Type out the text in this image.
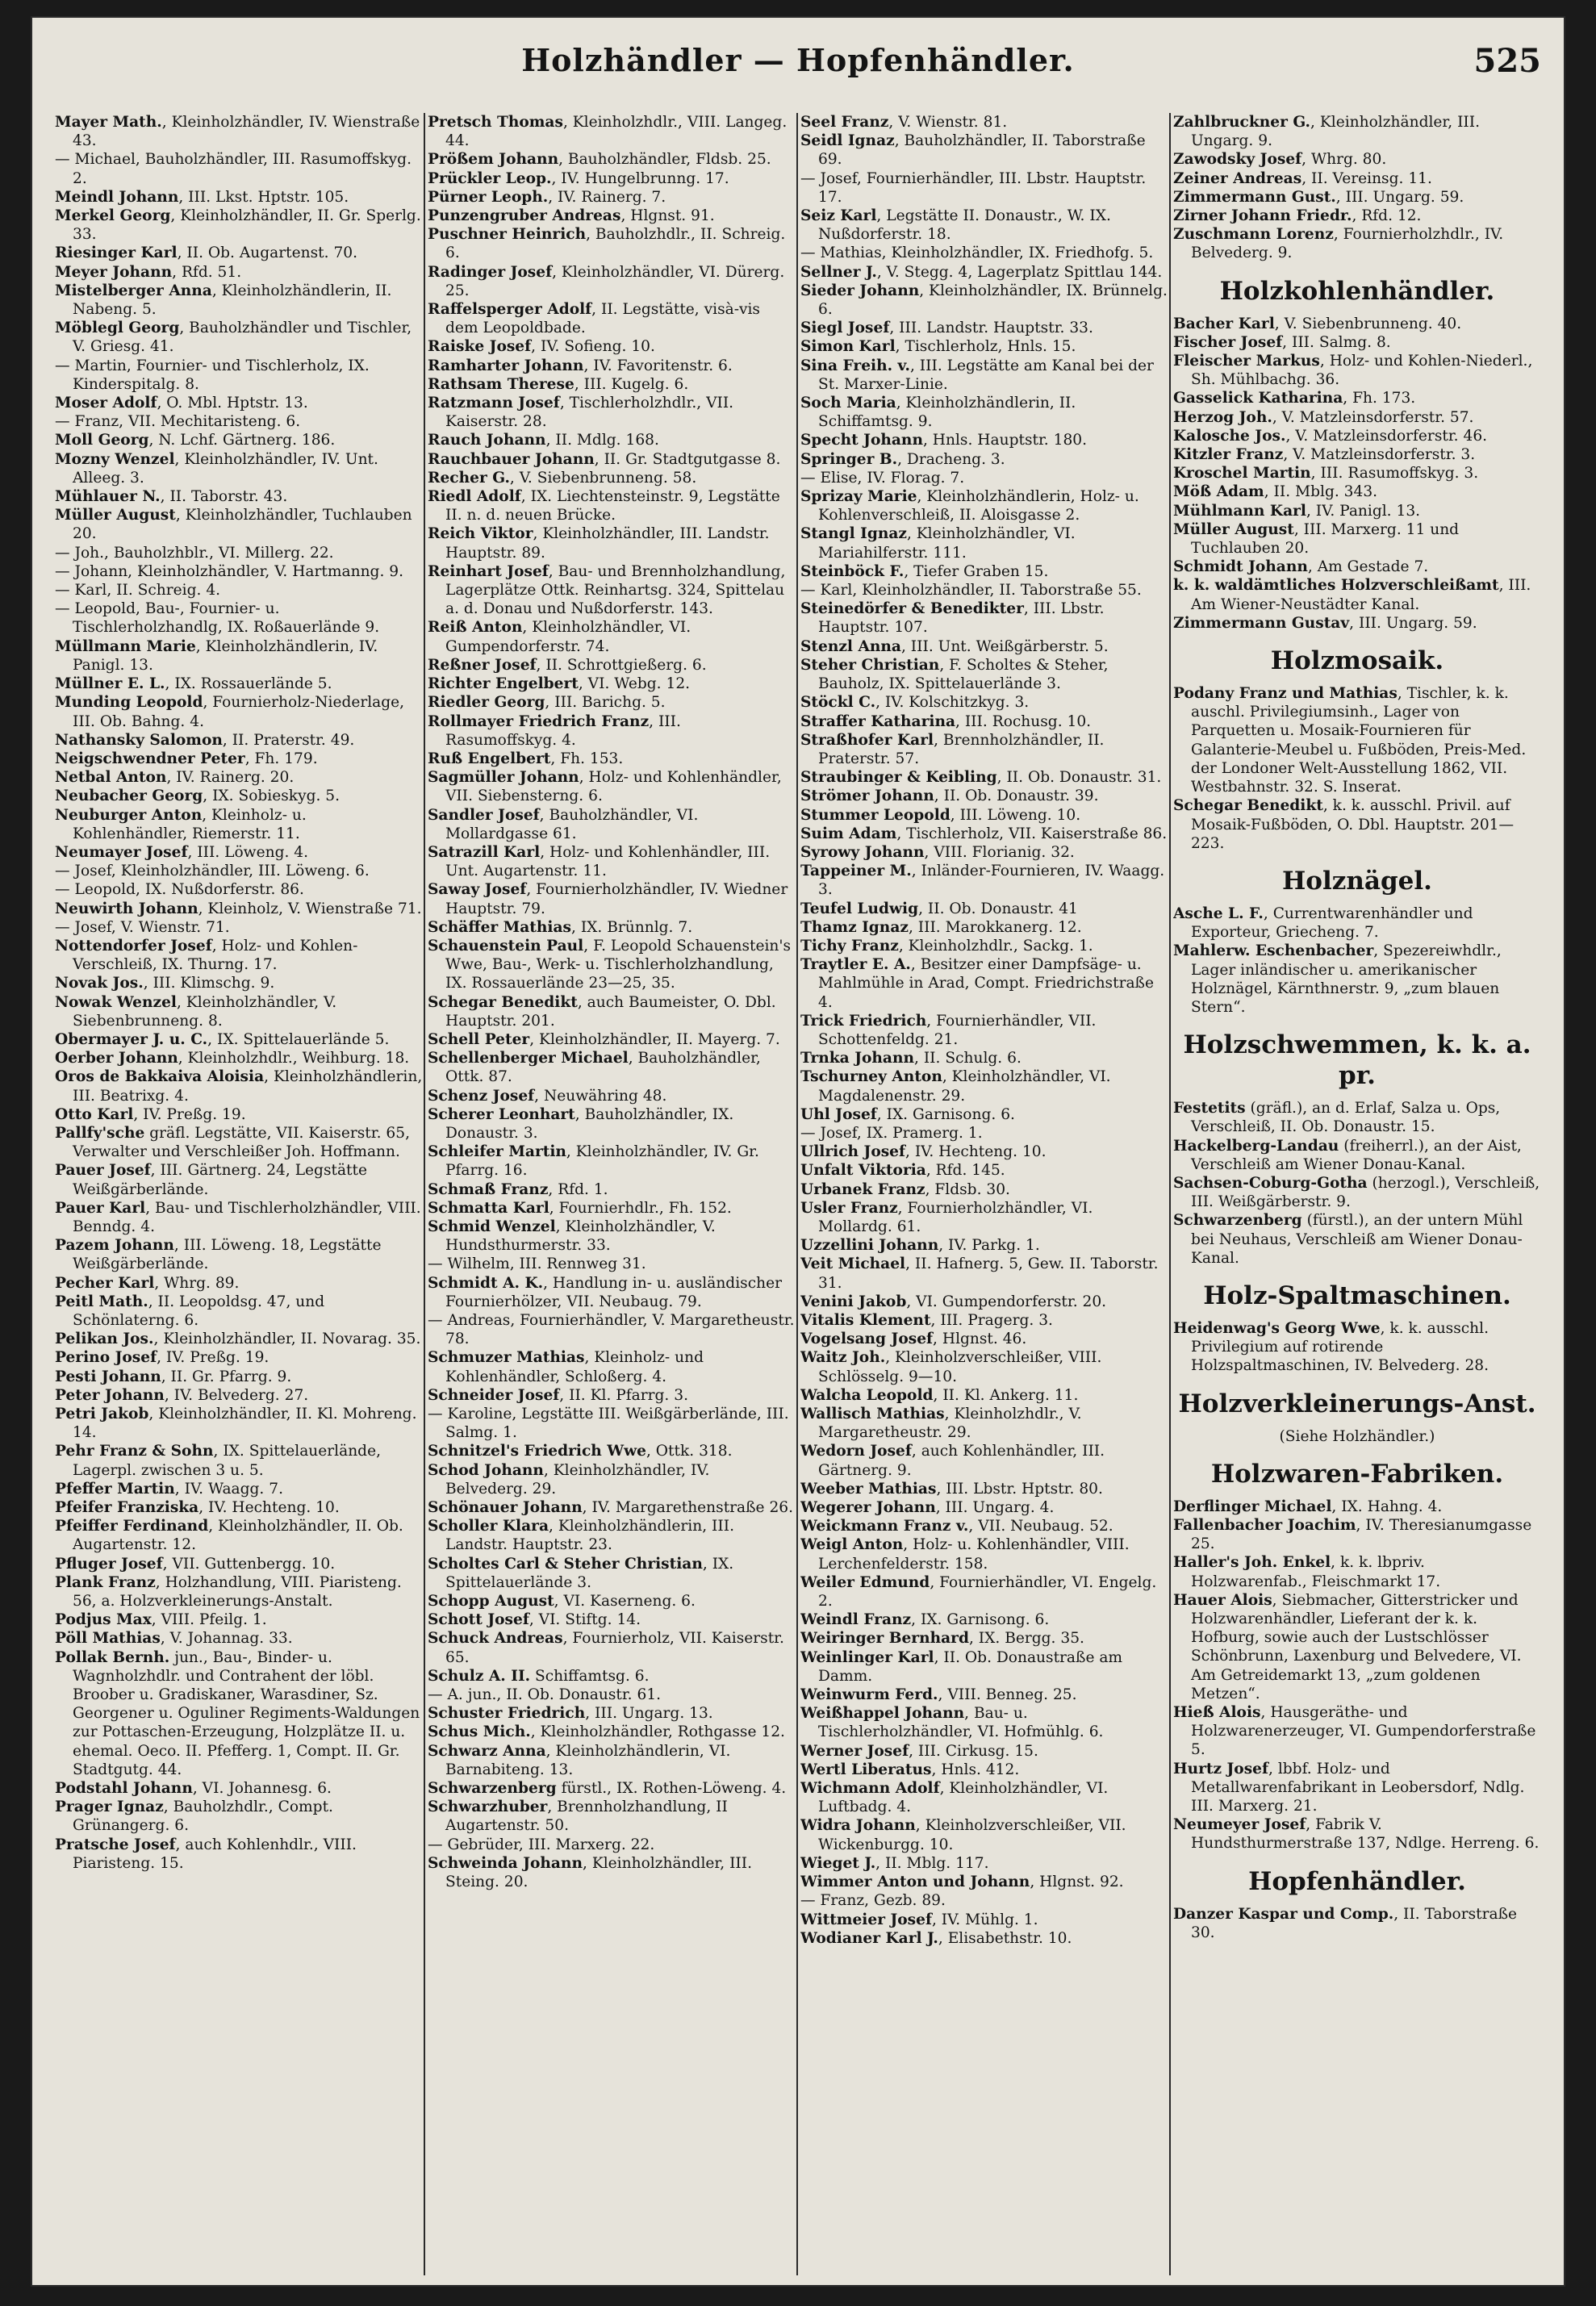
Holzhändler — Hopfenhändler.	525
Mayer Math., Kleinholzhändler, IV. Wienstraße 43.
— Michael, Bauholzhändler, III. Rasumoffskyg. 2.
Meindl Johann, III. Lkst. Hptstr. 105.
Merkel Georg, Kleinholzhändler, II. Gr. Sperlg. 33.
Riesinger Karl, II. Ob. Augartenst. 70.
Meyer Johann, Rfd. 51.
Mistelberger Anna, Kleinholzhändlerin, II. Nabeng. 5.
Möblegl Georg, Bauholzhändler und Tischler, V. Griesg. 41.
— Martin, Fournier- und Tischlerholz, IX. Kinderspitalg. 8.
Moser Adolf, O. Mbl. Hptstr. 13.
— Franz, VII. Mechitaristeng. 6.
Moll Georg, N. Lchf. Gärtnerg. 186.
Mozny Wenzel, Kleinholzhändler, IV. Unt. Alleeg. 3.
Mühlauer N., II. Taborstr. 43.
Müller August, Kleinholzhändler, Tuchlauben 20.
— Joh., Bauholzhblr., VI. Millerg. 22.
— Johann, Kleinholzhändler, V. Hartmanng. 9.
— Karl, II. Schreig. 4.
— Leopold, Bau-, Fournier- u. Tischlerholzhandlg, IX. Roßauerlände 9.
Müllmann Marie, Kleinholzhändlerin, IV. Panigl. 13.
Müllner E. L., IX. Rossauerlände 5.
Munding Leopold, Fournierholz-Niederlage, III. Ob. Bahng. 4.
Nathansky Salomon, II. Praterstr. 49.
Neigschwendner Peter, Fh. 179.
Netbal Anton, IV. Rainerg. 20.
Neubacher Georg, IX. Sobieskyg. 5.
Neuburger Anton, Kleinholz- u. Kohlenhändler, Riemerstr. 11.
Neumayer Josef, III. Löweng. 4.
— Josef, Kleinholzhändler, III. Löweng. 6.
— Leopold, IX. Nußdorferstr. 86.
Neuwirth Johann, Kleinholz, V. Wienstraße 71.
— Josef, V. Wienstr. 71.
Nottendorfer Josef, Holz- und Kohlen-Verschleiß, IX. Thurng. 17.
Novak Jos., III. Klimschg. 9.
Nowak Wenzel, Kleinholzhändler, V. Siebenbrunneng. 8.
Obermayer J. u. C., IX. Spittelauerlände 5.
Oerber Johann, Kleinholzhdlr., Weihburg. 18.
Oros de Bakkaiva Aloisia, Kleinholzhändlerin, III. Beatrixg. 4.
Otto Karl, IV. Preßg. 19.
Pallfy'sche gräfl. Legstätte, VII. Kaiserstr. 65, Verwalter und Verschleißer Joh. Hoffmann.
Pauer Josef, III. Gärtnerg. 24, Legstätte Weißgärberlände.
Pauer Karl, Bau- und Tischlerholzhändler, VIII. Benndg. 4.
Pazem Johann, III. Löweng. 18, Legstätte Weißgärberlände.
Pecher Karl, Whrg. 89.
Peitl Math., II. Leopoldsg. 47, und Schönlaterng. 6.
Pelikan Jos., Kleinholzhändler, II. Novarag. 35.
Perino Josef, IV. Preßg. 19.
Pesti Johann, II. Gr. Pfarrg. 9.
Peter Johann, IV. Belvederg. 27.
Petri Jakob, Kleinholzhändler, II. Kl. Mohreng. 14.
Pehr Franz & Sohn, IX. Spittelauerlände, Lagerpl. zwischen 3 u. 5.
Pfeffer Martin, IV. Waagg. 7.
Pfeifer Franziska, IV. Hechteng. 10.
Pfeiffer Ferdinand, Kleinholzhändler, II. Ob. Augartenstr. 12.
Pfluger Josef, VII. Guttenbergg. 10.
Plank Franz, Holzhandlung, VIII. Piaristeng. 56, a. Holzverkleinerungs-Anstalt.
Podjus Max, VIII. Pfeilg. 1.
Pöll Mathias, V. Johannag. 33.
Pollak Bernh. jun., Bau-, Binder- u. Wagnholzhdlr. und Contrahent der löbl. Broober u. Gradiskaner, Warasdiner, Sz. Georgener u. Oguliner Regiments-Waldungen zur Pottaschen-Erzeugung, Holzplätze II. u. ehemal. Oeco. II. Pfefferg. 1, Compt. II. Gr. Stadtgutg. 44.
Podstahl Johann, VI. Johannesg. 6.
Prager Ignaz, Bauholzhdlr., Compt. Grünangerg. 6.
Pratsche Josef, auch Kohlenhdlr., VIII. Piaristeng. 15.
Pretsch Thomas, Kleinholzhdlr., VIII. Langeg. 44.
Prößem Johann, Bauholzhändler, Fldsb. 25.
Prückler Leop., IV. Hungelbrunng. 17.
Pürner Leoph., IV. Rainerg. 7.
Punzengruber Andreas, Hlgnst. 91.
Puschner Heinrich, Bauholzhdlr., II. Schreig. 6.
Radinger Josef, Kleinholzhändler, VI. Dürerg. 25.
Raffelsperger Adolf, II. Legstätte, visà-vis dem Leopoldbade.
Raiske Josef, IV. Sofieng. 10.
Ramharter Johann, IV. Favoritenstr. 6.
Rathsam Therese, III. Kugelg. 6.
Ratzmann Josef, Tischlerholzhdlr., VII. Kaiserstr. 28.
Rauch Johann, II. Mdlg. 168.
Rauchbauer Johann, II. Gr. Stadtgutgasse 8.
Recher G., V. Siebenbrunneng. 58.
Riedl Adolf, IX. Liechtensteinstr. 9, Legstätte II. n. d. neuen Brücke.
Reich Viktor, Kleinholzhändler, III. Landstr. Hauptstr. 89.
Reinhart Josef, Bau- und Brennholzhandlung, Lagerplätze Ottk. Reinhartsg. 324, Spittelau a. d. Donau und Nußdorferstr. 143.
Reiß Anton, Kleinholzhändler, VI. Gumpendorferstr. 74.
Reßner Josef, II. Schrottgießerg. 6.
Richter Engelbert, VI. Webg. 12.
Riedler Georg, III. Barichg. 5.
Rollmayer Friedrich Franz, III. Rasumoffskyg. 4.
Ruß Engelbert, Fh. 153.
Sagmüller Johann, Holz- und Kohlenhändler, VII. Siebensterng. 6.
Sandler Josef, Bauholzhändler, VI. Mollardgasse 61.
Satrazill Karl, Holz- und Kohlenhändler, III. Unt. Augartenstr. 11.
Saway Josef, Fournierholzhändler, IV. Wiedner Hauptstr. 79.
Schäffer Mathias, IX. Brünnlg. 7.
Schauenstein Paul, F. Leopold Schauenstein's Wwe, Bau-, Werk- u. Tischlerholzhandlung, IX. Rossauerlände 23—25, 35.
Schegar Benedikt, auch Baumeister, O. Dbl. Hauptstr. 201.
Schell Peter, Kleinholzhändler, II. Mayerg. 7.
Schellenberger Michael, Bauholzhändler, Ottk. 87.
Schenz Josef, Neuwähring 48.
Scherer Leonhart, Bauholzhändler, IX. Donaustr. 3.
Schleifer Martin, Kleinholzhändler, IV. Gr. Pfarrg. 16.
Schmaß Franz, Rfd. 1.
Schmatta Karl, Fournierhdlr., Fh. 152.
Schmid Wenzel, Kleinholzhändler, V. Hundsthurmerstr. 33.
— Wilhelm, III. Rennweg 31.
Schmidt A. K., Handlung in- u. ausländischer Fournierhölzer, VII. Neubaug. 79.
— Andreas, Fournierhändler, V. Margaretheustr. 78.
Schmuzer Mathias, Kleinholz- und Kohlenhändler, Schloßerg. 4.
Schneider Josef, II. Kl. Pfarrg. 3.
— Karoline, Legstätte III. Weißgärberlände, III. Salmg. 1.
Schnitzel's Friedrich Wwe, Ottk. 318.
Schod Johann, Kleinholzhändler, IV. Belvederg. 29.
Schönauer Johann, IV. Margarethenstraße 26.
Scholler Klara, Kleinholzhändlerin, III. Landstr. Hauptstr. 23.
Scholtes Carl & Steher Christian, IX. Spittelauerlände 3.
Schopp August, VI. Kaserneng. 6.
Schott Josef, VI. Stiftg. 14.
Schuck Andreas, Fournierholz, VII. Kaiserstr. 65.
Schulz A. II. Schiffamtsg. 6.
— A. jun., II. Ob. Donaustr. 61.
Schuster Friedrich, III. Ungarg. 13.
Schus Mich., Kleinholzhändler, Rothgasse 12.
Schwarz Anna, Kleinholzhändlerin, VI. Barnabiteng. 13.
Schwarzenberg fürstl., IX. Rothen-Löweng. 4.
Schwarzhuber, Brennholzhandlung, II Augartenstr. 50.
— Gebrüder, III. Marxerg. 22.
Schweinda Johann, Kleinholzhändler, III. Steing. 20.
Seel Franz, V. Wienstr. 81.
Seidl Ignaz, Bauholzhändler, II. Taborstraße 69.
— Josef, Fournierhändler, III. Lbstr. Hauptstr. 17.
Seiz Karl, Legstätte II. Donaustr., W. IX. Nußdorferstr. 18.
— Mathias, Kleinholzhändler, IX. Friedhofg. 5.
Sellner J., V. Stegg. 4, Lagerplatz Spittlau 144.
Sieder Johann, Kleinholzhändler, IX. Brünnelg. 6.
Siegl Josef, III. Landstr. Hauptstr. 33.
Simon Karl, Tischlerholz, Hnls. 15.
Sina Freih. v., III. Legstätte am Kanal bei der St. Marxer-Linie.
Soch Maria, Kleinholzhändlerin, II. Schiffamtsg. 9.
Specht Johann, Hnls. Hauptstr. 180.
Springer B., Dracheng. 3.
— Elise, IV. Florag. 7.
Sprizay Marie, Kleinholzhändlerin, Holz- u. Kohlenverschleiß, II. Aloisgasse 2.
Stangl Ignaz, Kleinholzhändler, VI. Mariahilferstr. 111.
Steinböck F., Tiefer Graben 15.
— Karl, Kleinholzhändler, II. Taborstraße 55.
Steinedörfer & Benedikter, III. Lbstr. Hauptstr. 107.
Stenzl Anna, III. Unt. Weißgärberstr. 5.
Steher Christian, F. Scholtes & Steher, Bauholz, IX. Spittelauerlände 3.
Stöckl C., IV. Kolschitzkyg. 3.
Straffer Katharina, III. Rochusg. 10.
Straßhofer Karl, Brennholzhändler, II. Praterstr. 57.
Straubinger & Keibling, II. Ob. Donaustr. 31.
Strömer Johann, II. Ob. Donaustr. 39.
Stummer Leopold, III. Löweng. 10.
Suim Adam, Tischlerholz, VII. Kaiserstraße 86.
Syrowy Johann, VIII. Florianig. 32.
Tappeiner M., Inländer-Fournieren, IV. Waagg. 3.
Teufel Ludwig, II. Ob. Donaustr. 41
Thamz Ignaz, III. Marokkanerg. 12.
Tichy Franz, Kleinholzhdlr., Sackg. 1.
Traytler E. A., Besitzer einer Dampfsäge- u. Mahlmühle in Arad, Compt. Friedrichstraße 4.
Trick Friedrich, Fournierhändler, VII. Schottenfeldg. 21.
Trnka Johann, II. Schulg. 6.
Tschurney Anton, Kleinholzhändler, VI. Magdalenenstr. 29.
Uhl Josef, IX. Garnisong. 6.
— Josef, IX. Pramerg. 1.
Ullrich Josef, IV. Hechteng. 10.
Unfalt Viktoria, Rfd. 145.
Urbanek Franz, Fldsb. 30.
Usler Franz, Fournierholzhändler, VI. Mollardg. 61.
Uzzellini Johann, IV. Parkg. 1.
Veit Michael, II. Hafnerg. 5, Gew. II. Taborstr. 31.
Venini Jakob, VI. Gumpendorferstr. 20.
Vitalis Klement, III. Pragerg. 3.
Vogelsang Josef, Hlgnst. 46.
Waitz Joh., Kleinholzverschleißer, VIII. Schlösselg. 9—10.
Walcha Leopold, II. Kl. Ankerg. 11.
Wallisch Mathias, Kleinholzhdlr., V. Margaretheustr. 29.
Wedorn Josef, auch Kohlenhändler, III. Gärtnerg. 9.
Weeber Mathias, III. Lbstr. Hptstr. 80.
Wegerer Johann, III. Ungarg. 4.
Weickmann Franz v., VII. Neubaug. 52.
Weigl Anton, Holz- u. Kohlenhändler, VIII. Lerchenfelderstr. 158.
Weiler Edmund, Fournierhändler, VI. Engelg. 2.
Weindl Franz, IX. Garnisong. 6.
Weiringer Bernhard, IX. Bergg. 35.
Weinlinger Karl, II. Ob. Donaustraße am Damm.
Weinwurm Ferd., VIII. Benneg. 25.
Weißhappel Johann, Bau- u. Tischlerholzhändler, VI. Hofmühlg. 6.
Werner Josef, III. Cirkusg. 15.
Wertl Liberatus, Hnls. 412.
Wichmann Adolf, Kleinholzhändler, VI. Luftbadg. 4.
Widra Johann, Kleinholzverschleißer, VII. Wickenburgg. 10.
Wieget J., II. Mblg. 117.
Wimmer Anton und Johann, Hlgnst. 92.
— Franz, Gezb. 89.
Wittmeier Josef, IV. Mühlg. 1.
Wodianer Karl J., Elisabethstr. 10.
Zahlbruckner G., Kleinholzhändler, III. Ungarg. 9.
Zawodsky Josef, Whrg. 80.
Zeiner Andreas, II. Vereinsg. 11.
Zimmermann Gust., III. Ungarg. 59.
Zirner Johann Friedr., Rfd. 12.
Zuschmann Lorenz, Fournierholzhdlr., IV. Belvederg. 9.
Holzkohlenhändler.
Bacher Karl, V. Siebenbrunneng. 40.
Fischer Josef, III. Salmg. 8.
Fleischer Markus, Holz- und Kohlen-Niederl., Sh. Mühlbachg. 36.
Gasselick Katharina, Fh. 173.
Herzog Joh., V. Matzleinsdorferstr. 57.
Kalosche Jos., V. Matzleinsdorferstr. 46.
Kitzler Franz, V. Matzleinsdorferstr. 3.
Kroschel Martin, III. Rasumoffskyg. 3.
Möß Adam, II. Mblg. 343.
Mühlmann Karl, IV. Panigl. 13.
Müller August, III. Marxerg. 11 und Tuchlauben 20.
Schmidt Johann, Am Gestade 7.
k. k. waldämtliches Holzverschleißamt, III. Am Wiener-Neustädter Kanal.
Zimmermann Gustav, III. Ungarg. 59.
Holzmosaik.
Podany Franz und Mathias, Tischler, k. k. auschl. Privilegiumsinh., Lager von Parquetten u. Mosaik-Fournieren für Galanterie-Meubel u. Fußböden, Preis-Med. der Londoner Welt-Ausstellung 1862, VII. Westbahnstr. 32. S. Inserat.
Schegar Benedikt, k. k. ausschl. Privil. auf Mosaik-Fußböden, O. Dbl. Hauptstr. 201—223.
Holznägel.
Asche L. F., Currentwarenhändler und Exporteur, Griecheng. 7.
Mahlerw. Eschenbacher, Spezereiwhdlr., Lager inländischer u. amerikanischer Holznägel, Kärnthnerstr. 9, „zum blauen Stern“.
Holzschwemmen, k. k. a. pr.
Festetits (gräfl.), an d. Erlaf, Salza u. Ops, Verschleiß, II. Ob. Donaustr. 15.
Hackelberg-Landau (freiherrl.), an der Aist, Verschleiß am Wiener Donau-Kanal.
Sachsen-Coburg-Gotha (herzogl.), Verschleiß, III. Weißgärberstr. 9.
Schwarzenberg (fürstl.), an der untern Mühl bei Neuhaus, Verschleiß am Wiener Donau-Kanal.
Holz-Spaltmaschinen.
Heidenwag's Georg Wwe, k. k. ausschl. Privilegium auf rotirende Holzspaltmaschinen, IV. Belvederg. 28.
Holzverkleinerungs-Anst.
(Siehe Holzhändler.)
Holzwaren-Fabriken.
Derflinger Michael, IX. Hahng. 4.
Fallenbacher Joachim, IV. Theresianumgasse 25.
Haller's Joh. Enkel, k. k. lbpriv. Holzwarenfab., Fleischmarkt 17.
Hauer Alois, Siebmacher, Gitterstricker und Holzwarenhändler, Lieferant der k. k. Hofburg, sowie auch der Lustschlösser Schönbrunn, Laxenburg und Belvedere, VI. Am Getreidemarkt 13, „zum goldenen Metzen“.
Hieß Alois, Hausgeräthe- und Holzwarenerzeuger, VI. Gumpendorferstraße 5.
Hurtz Josef, lbbf. Holz- und Metallwarenfabrikant in Leobersdorf, Ndlg. III. Marxerg. 21.
Neumeyer Josef, Fabrik V. Hundsthurmerstraße 137, Ndlge. Herreng. 6.
Hopfenhändler.
Danzer Kaspar und Comp., II. Taborstraße 30.
